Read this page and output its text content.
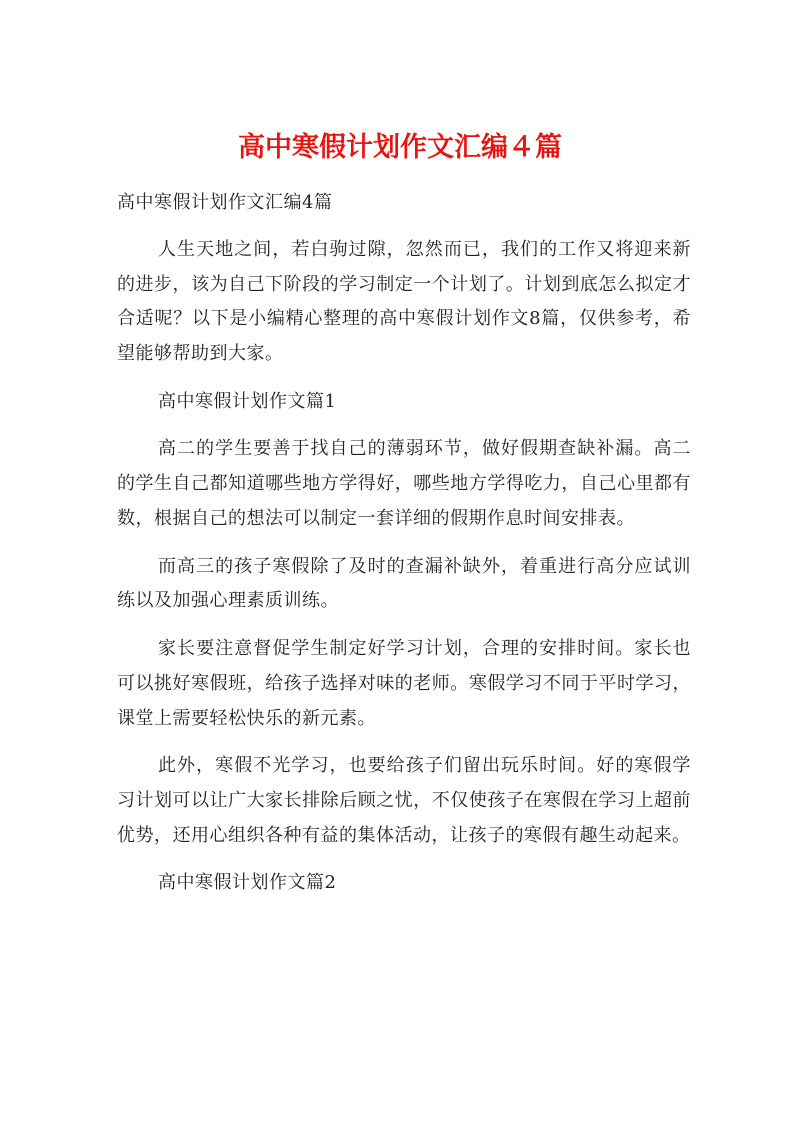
高中寒假计划作文汇编４篇

高中寒假计划作文汇编4篇

人生天地之间，若白驹过隙，忽然而已，我们的工作又将迎来新的进步，该为自己下阶段的学习制定一个计划了。计划到底怎么拟定才合适呢？以下是小编精心整理的高中寒假计划作文8篇，仅供参考，希望能够帮助到大家。

高中寒假计划作文篇1

高二的学生要善于找自己的薄弱环节，做好假期查缺补漏。高二的学生自己都知道哪些地方学得好，哪些地方学得吃力，自己心里都有数，根据自己的想法可以制定一套详细的假期作息时间安排表。

而高三的孩子寒假除了及时的查漏补缺外，着重进行高分应试训练以及加强心理素质训练。

家长要注意督促学生制定好学习计划，合理的安排时间。家长也可以挑好寒假班，给孩子选择对味的老师。寒假学习不同于平时学习，课堂上需要轻松快乐的新元素。

此外，寒假不光学习，也要给孩子们留出玩乐时间。好的寒假学习计划可以让广大家长排除后顾之忧，不仅使孩子在寒假在学习上超前优势，还用心组织各种有益的集体活动，让孩子的寒假有趣生动起来。

高中寒假计划作文篇2
